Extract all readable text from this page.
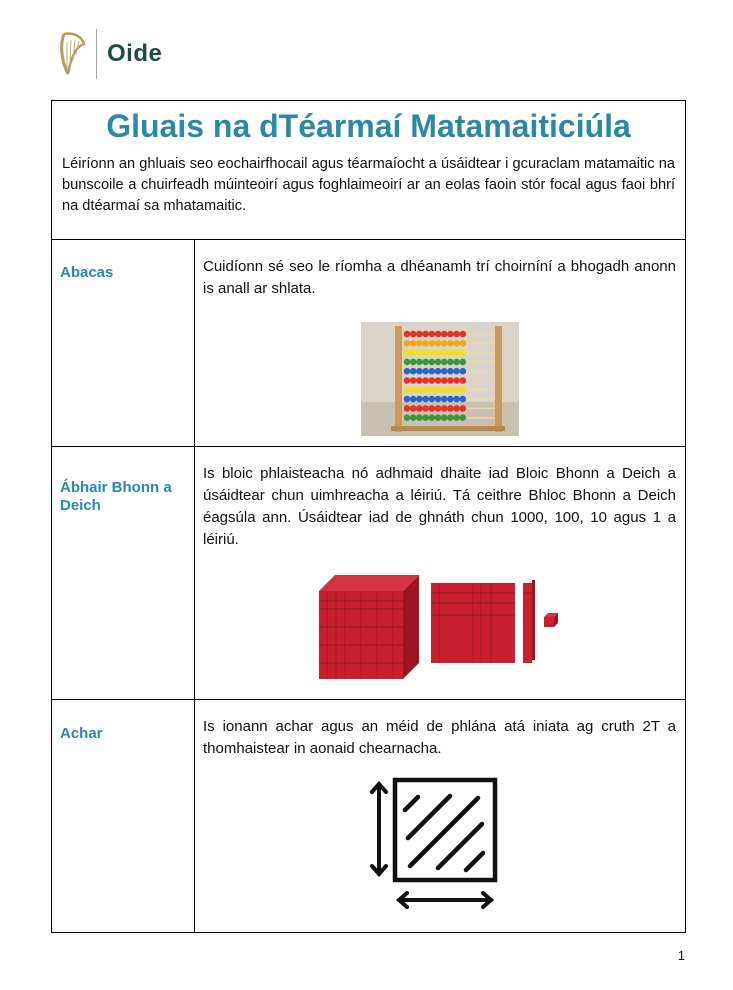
Oide
Gluais na dTéarmaí Matamaiticiúla

Léiríonn an ghluais seo eochairfhocail agus téarmaíocht a úsáidtear i gcuraclam matamaitic na bunscoile a chuirfeadh múinteoirí agus foghlaimeoirí ar an eolas faoin stór focal agus faoi bhrí na dtéarmaí sa mhatamaitic.

Abacas	Cuidíonn sé seo le ríomha a dhéanamh trí choirníní a bhogadh anonn is anall ar shlata.

Ábhair Bhonn a Deich

Is bloic phlaisteacha nó adhmaid dhaite iad Bloic Bhonn a Deich a úsáidtear chun uimhreacha a léiriú. Tá ceithre Bhloc Bhonn a Deich éagsúla ann. Úsáidtear iad de ghnáth chun 1000, 100, 10 agus 1 a léiriú.

Achar	Is ionann achar agus an méid de phlána atá iniata ag cruth 2T a thomhaistear in aonaid chearnacha.

1
